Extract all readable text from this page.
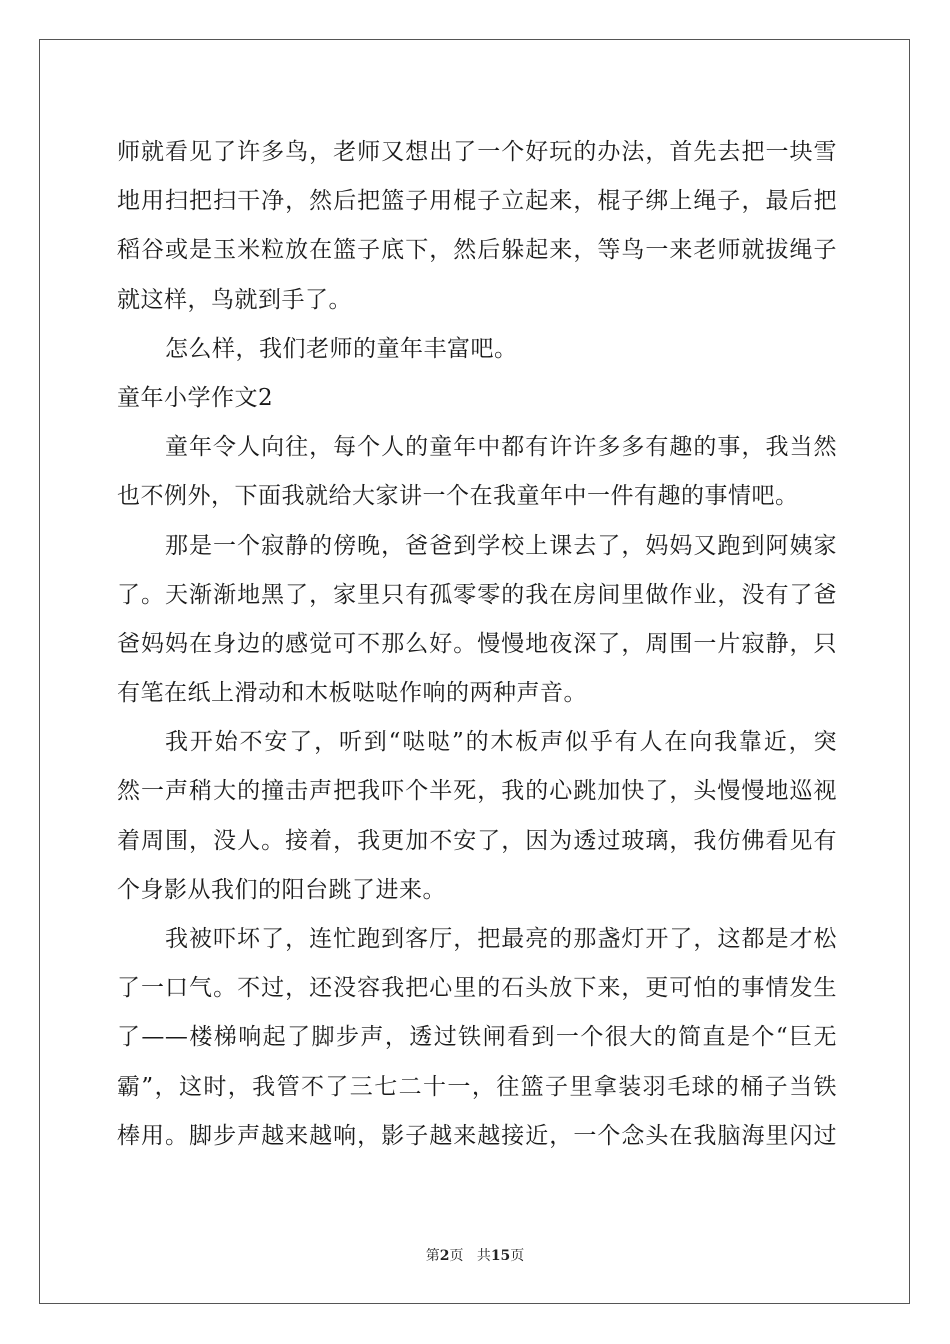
师就看见了许多鸟，老师又想出了一个好玩的办法，首先去把一块雪
地用扫把扫干净，然后把篮子用棍子立起来，棍子绑上绳子，最后把
稻谷或是玉米粒放在篮子底下，然后躲起来，等鸟一来老师就拔绳子
就这样，鸟就到手了。
怎么样，我们老师的童年丰富吧。
童年小学作文2
童年令人向往，每个人的童年中都有许许多多有趣的事，我当然
也不例外，下面我就给大家讲一个在我童年中一件有趣的事情吧。
那是一个寂静的傍晚，爸爸到学校上课去了，妈妈又跑到阿姨家
了。天渐渐地黑了，家里只有孤零零的我在房间里做作业，没有了爸
爸妈妈在身边的感觉可不那么好。慢慢地夜深了，周围一片寂静，只
有笔在纸上滑动和木板哒哒作响的两种声音。
我开始不安了，听到“哒哒”的木板声似乎有人在向我靠近，突
然一声稍大的撞击声把我吓个半死，我的心跳加快了，头慢慢地巡视
着周围，没人。接着，我更加不安了，因为透过玻璃，我仿佛看见有
个身影从我们的阳台跳了进来。
我被吓坏了，连忙跑到客厅，把最亮的那盏灯开了，这都是才松
了一口气。不过，还没容我把心里的石头放下来，更可怕的事情发生
了——楼梯响起了脚步声，透过铁闸看到一个很大的简直是个“巨无
霸”，这时，我管不了三七二十一，往篮子里拿装羽毛球的桶子当铁
棒用。脚步声越来越响，影子越来越接近，一个念头在我脑海里闪过
第2页 共15页
